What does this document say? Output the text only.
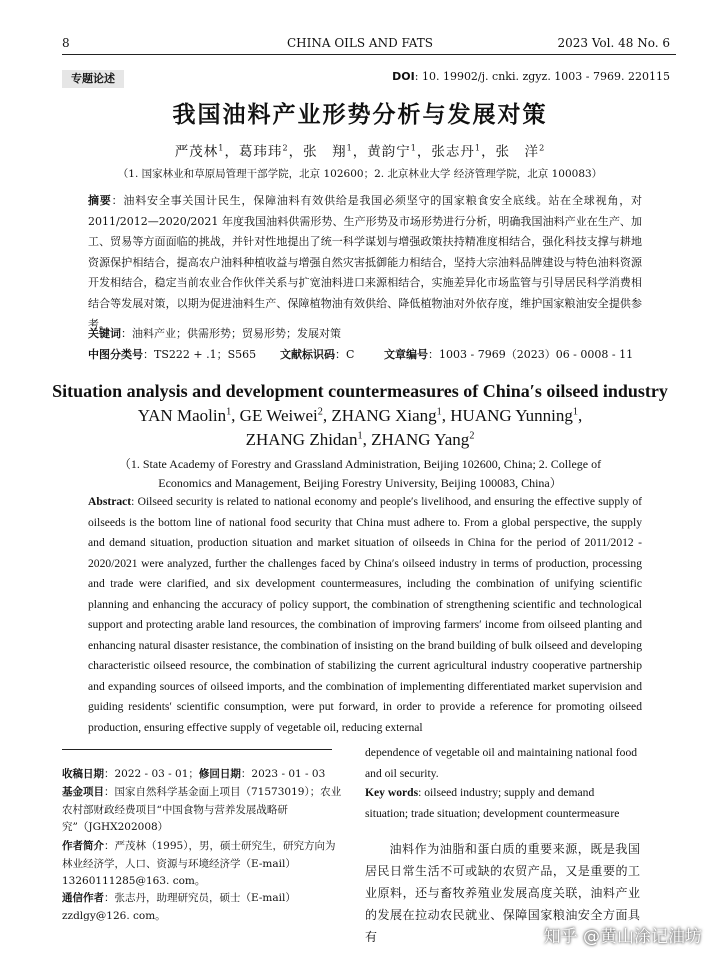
8	CHINA OILS AND FATS	2023 Vol. 48 No. 6
专题论述	DOI: 10. 19902/j. cnki. zgyz. 1003 - 7969. 220115
我国油料产业形势分析与发展对策
严茂林$^1$，葛玮玮$^2$，张　翔$^1$，黄韵宁$^1$，张志丹$^1$，张　洋$^2$
（1. 国家林业和草原局管理干部学院，北京 102600；2. 北京林业大学 经济管理学院，北京 100083）
摘要：油料安全事关国计民生，保障油料有效供给是我国必须坚守的国家粮食安全底线。站在全球视角，对 2011/2012—2020/2021 年度我国油料供需形势、生产形势及市场形势进行分析，明确我国油料产业在生产、加工、贸易等方面面临的挑战，并针对性地提出了统一科学谋划与增强政策扶持精准度相结合，强化科技支撑与耕地资源保护相结合，提高农户油料种植收益与增强自然灾害抵御能力相结合，坚持大宗油料品牌建设与特色油料资源开发相结合，稳定当前农业合作伙伴关系与扩宽油料进口来源相结合，实施差异化市场监管与引导居民科学消费相结合等发展对策，以期为促进油料生产、保障植物油有效供给、降低植物油对外依存度，维护国家粮油安全提供参考。
关键词：油料产业；供需形势；贸易形势；发展对策
中图分类号：TS222 + .1；S565 文献标识码：C	文章编号：1003 - 7969（2023）06 - 0008 - 11
Situation analysis and development countermeasures of China′s oilseed industry
YAN Maolin$^1$, GE Weiwei$^2$, ZHANG Xiang$^1$, HUANG Yunning$^1$,
ZHANG Zhidan$^1$, ZHANG Yang$^2$
（1. State Academy of Forestry and Grassland Administration, Beijing 102600, China; 2. College of
Economics and Management, Beijing Forestry University, Beijing 100083, China）
Abstract: Oilseed security is related to national economy and people′s livelihood, and ensuring the effective supply of oilseeds is the bottom line of national food security that China must adhere to. From a global perspective, the supply and demand situation, production situation and market situation of oilseeds in China for the period of 2011/2012 - 2020/2021 were analyzed, further the challenges faced by China′s oilseed industry in terms of production, processing and trade were clarified, and six development countermeasures, including the combination of unifying scientific planning and enhancing the accuracy of policy support, the combination of strengthening scientific and technological support and protecting arable land resources, the combination of improving farmers′ income from oilseed planting and enhancing natural disaster resistance, the combination of insisting on the brand building of bulk oilseed and developing characteristic oilseed resource, the combination of stabilizing the current agricultural industry cooperative partnership and expanding sources of oilseed imports, and the combination of implementing differentiated market supervision and guiding residents′ scientific consumption, were put forward, in order to provide a reference for promoting oilseed production, ensuring effective supply of vegetable oil, reducing external
dependence of vegetable oil and maintaining national food and oil security.
Key words: oilseed industry; supply and demand situation; trade situation; development countermeasure
收稿日期：2022 - 03 - 01；修回日期：2023 - 01 - 03
基金项目：国家自然科学基金面上项目（71573019）；农业农村部财政经费项目“中国食物与营养发展战略研究”（JGHX202008）
作者简介：严茂林（1995），男，硕士研究生，研究方向为林业经济学，人口、资源与环境经济学（E-mail）13260111285@163. com。
通信作者：张志丹，助理研究员，硕士（E-mail）zzdlgy@126. com。
油料作为油脂和蛋白质的重要来源，既是我国居民日常生活不可或缺的农贸产品，又是重要的工业原料，还与畜牧养殖业发展高度关联，油料产业的发展在拉动农民就业、保障国家粮油安全方面具有	知乎 @黄山涂记油坊
